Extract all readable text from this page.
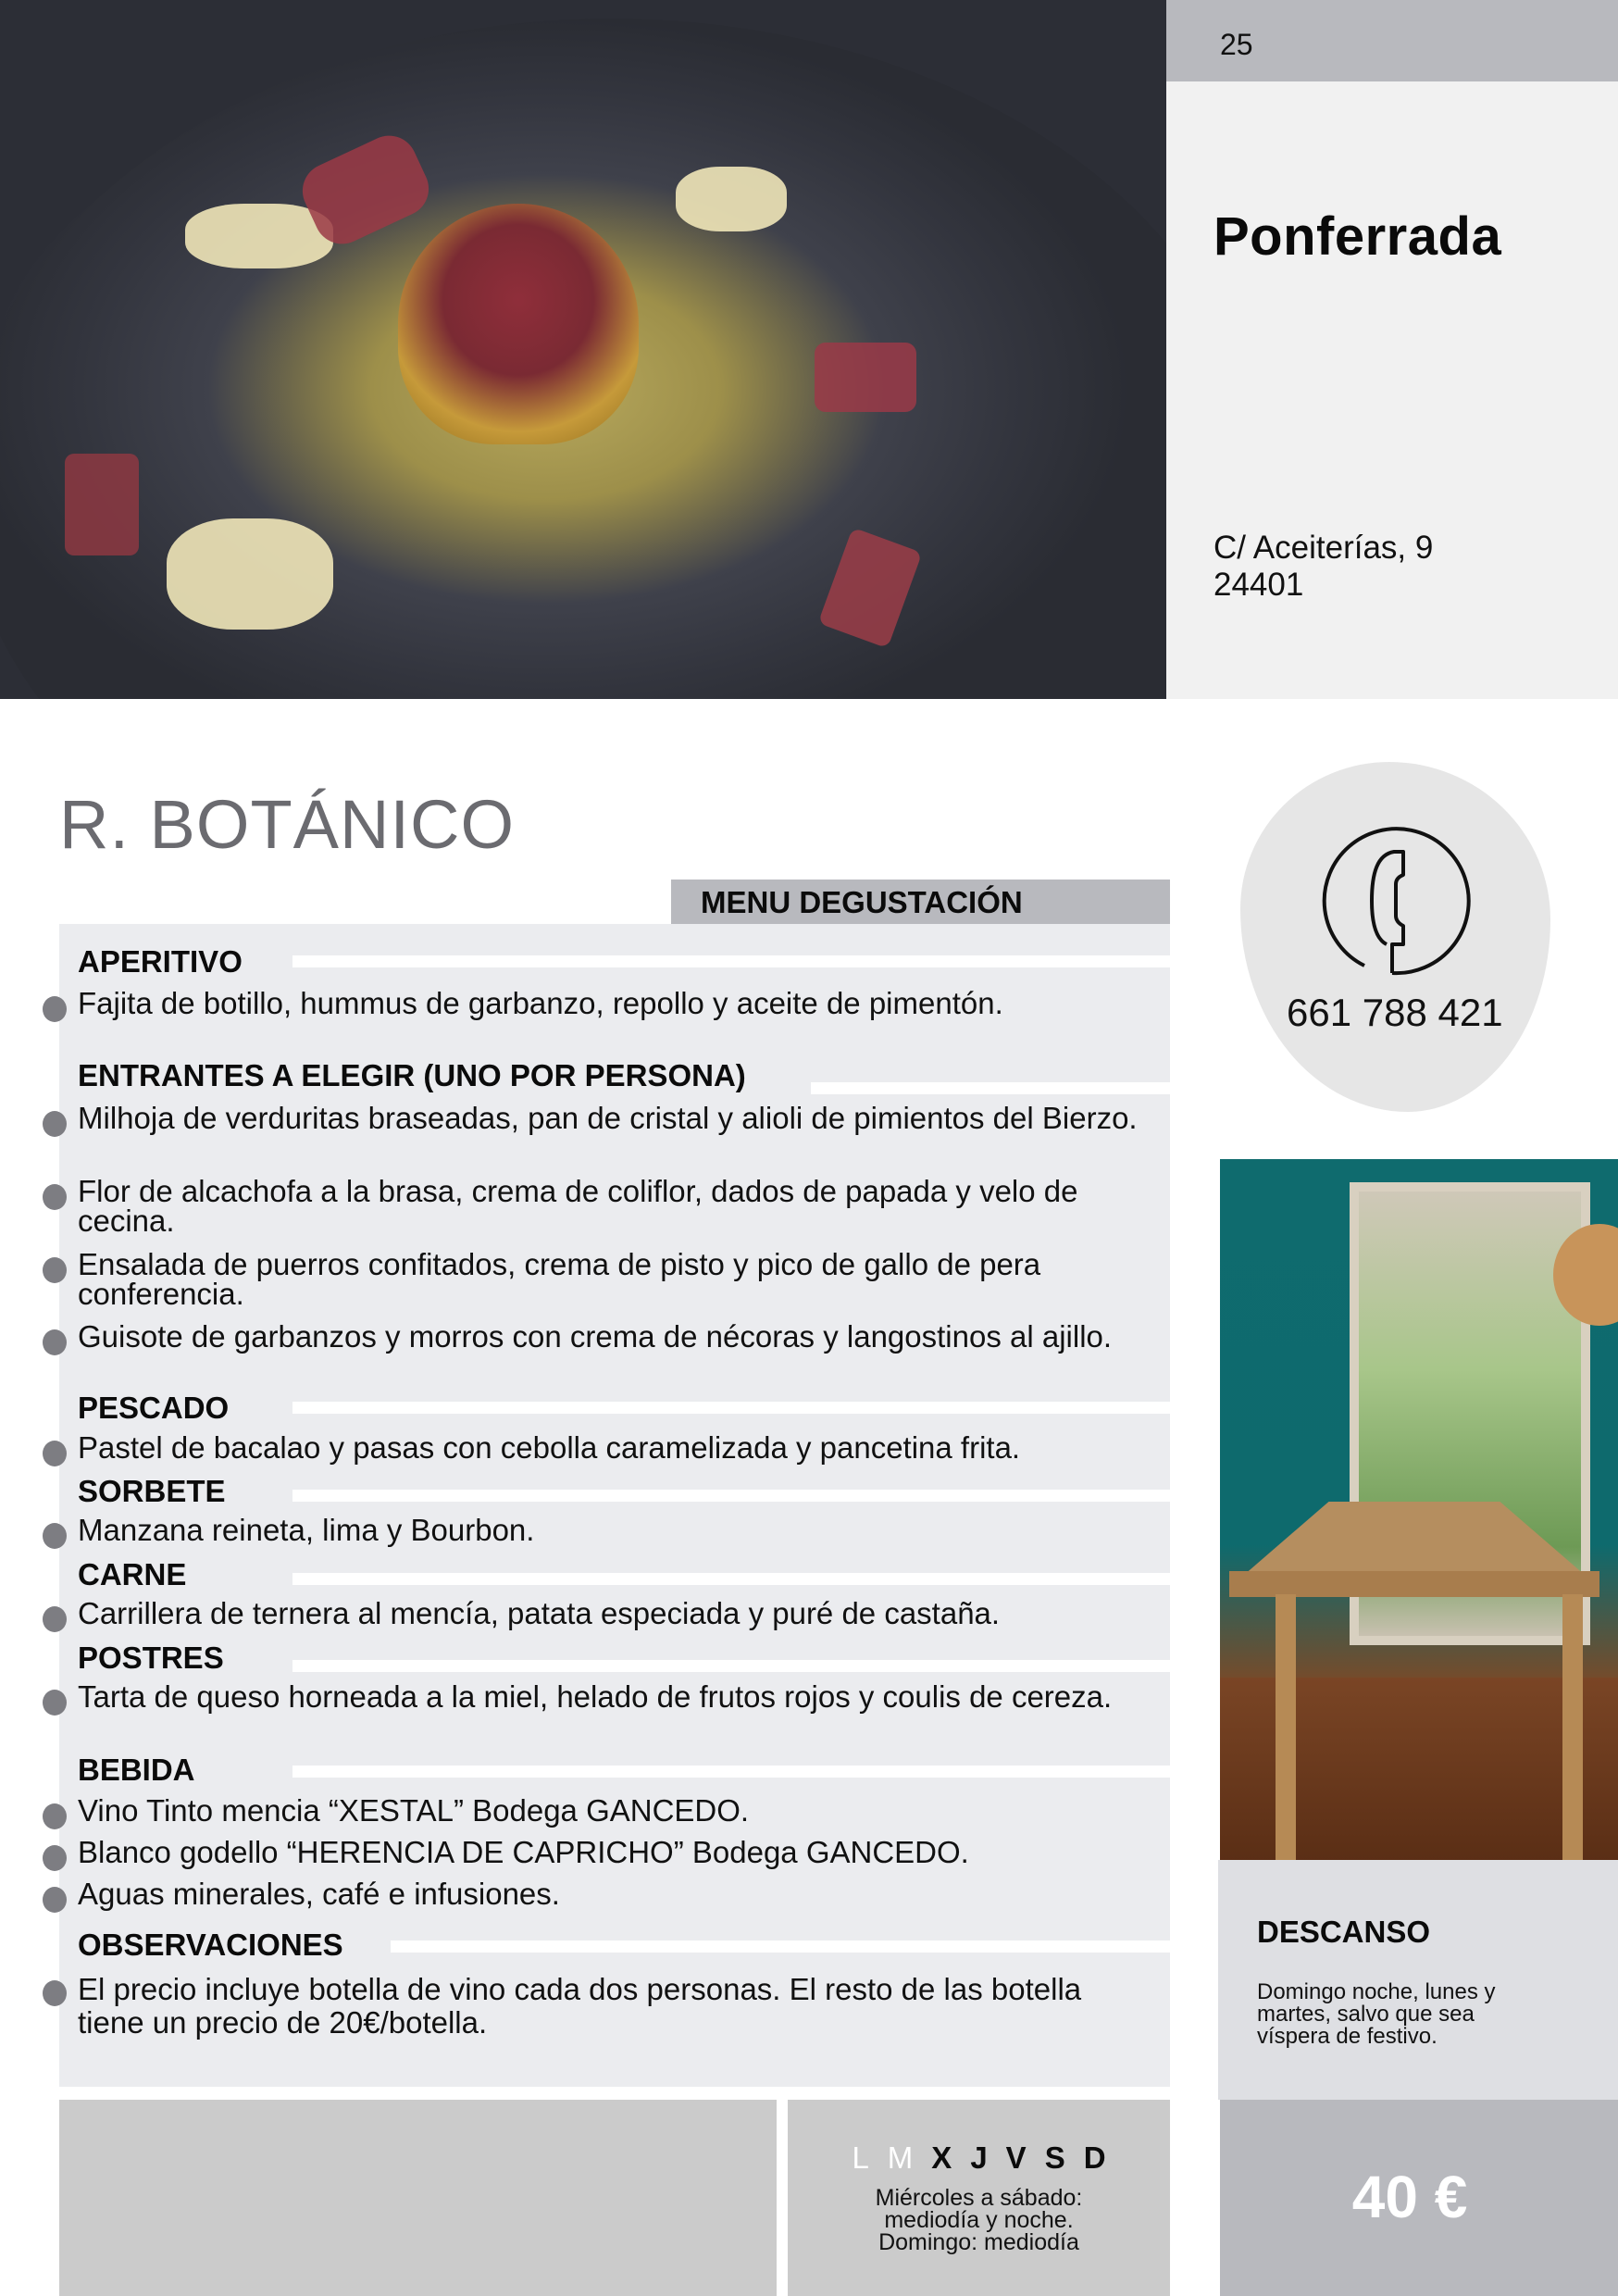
25
Ponferrada
C/ Aceiterías, 9
24401
R. BOTÁNICO
MENU DEGUSTACIÓN
APERITIVO
Fajita de botillo, hummus de garbanzo, repollo y aceite de pimentón.
ENTRANTES A ELEGIR (UNO POR PERSONA)
Milhoja de verduritas braseadas, pan de cristal y alioli de pimientos del Bierzo.
Flor de alcachofa a la brasa, crema de coliflor, dados de papada y velo de cecina.
Ensalada de puerros confitados, crema de pisto y pico de gallo de pera conferencia.
Guisote de garbanzos y morros con crema de nécoras y langostinos al ajillo.
PESCADO
Pastel de bacalao y pasas con cebolla caramelizada y pancetina frita.
SORBETE
Manzana reineta, lima y Bourbon.
CARNE
Carrillera de ternera al mencía, patata especiada y puré de castaña.
POSTRES
Tarta de queso horneada a la miel, helado de frutos rojos y coulis de cereza.
BEBIDA
Vino Tinto mencia “XESTAL” Bodega GANCEDO.
Blanco godello “HERENCIA DE CAPRICHO” Bodega GANCEDO.
Aguas minerales, café e infusiones.
OBSERVACIONES
El precio incluye botella de vino cada dos personas. El resto de las botella tiene un precio de 20€/botella.
661 788 421
DESCANSO
Domingo noche, lunes y martes, salvo que sea víspera de festivo.
L M X J V S D
Miércoles a sábado:
mediodía y noche.
Domingo: mediodía
40 €
